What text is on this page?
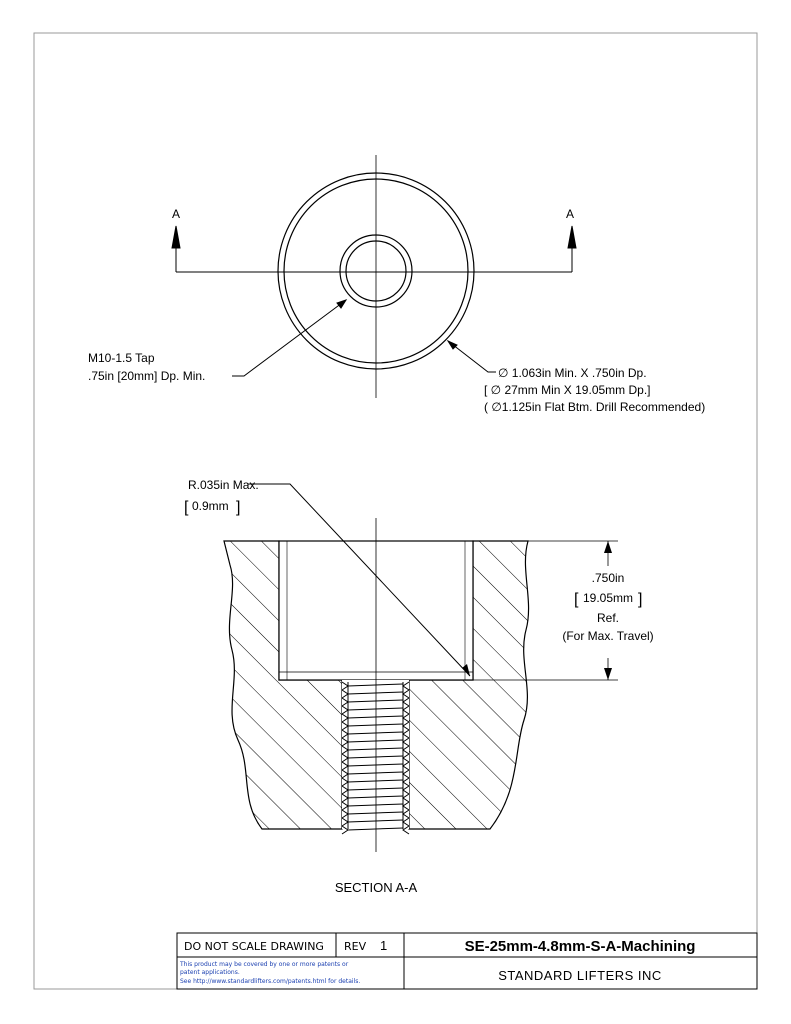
A	A
M10-1.5 Tap
.75in [20mm] Dp. Min.	∅ 1.063in Min. X .750in Dp.
[ ∅ 27mm Min X 19.05mm Dp.]
( ∅1.125in Flat Btm. Drill Recommended)
R.035in Max.
[ 0.9mm ]
.750in
[ 19.05mm ]
Ref.
(For Max. Travel)
SECTION A-A
DO NOT SCALE DRAWING REV 1	SE-25mm-4.8mm-S-A-Machining
STANDARD LIFTERS INC
This product may be covered by one or more patents or
patent applications.
See http://www.standardlifters.com/patents.html for details.
